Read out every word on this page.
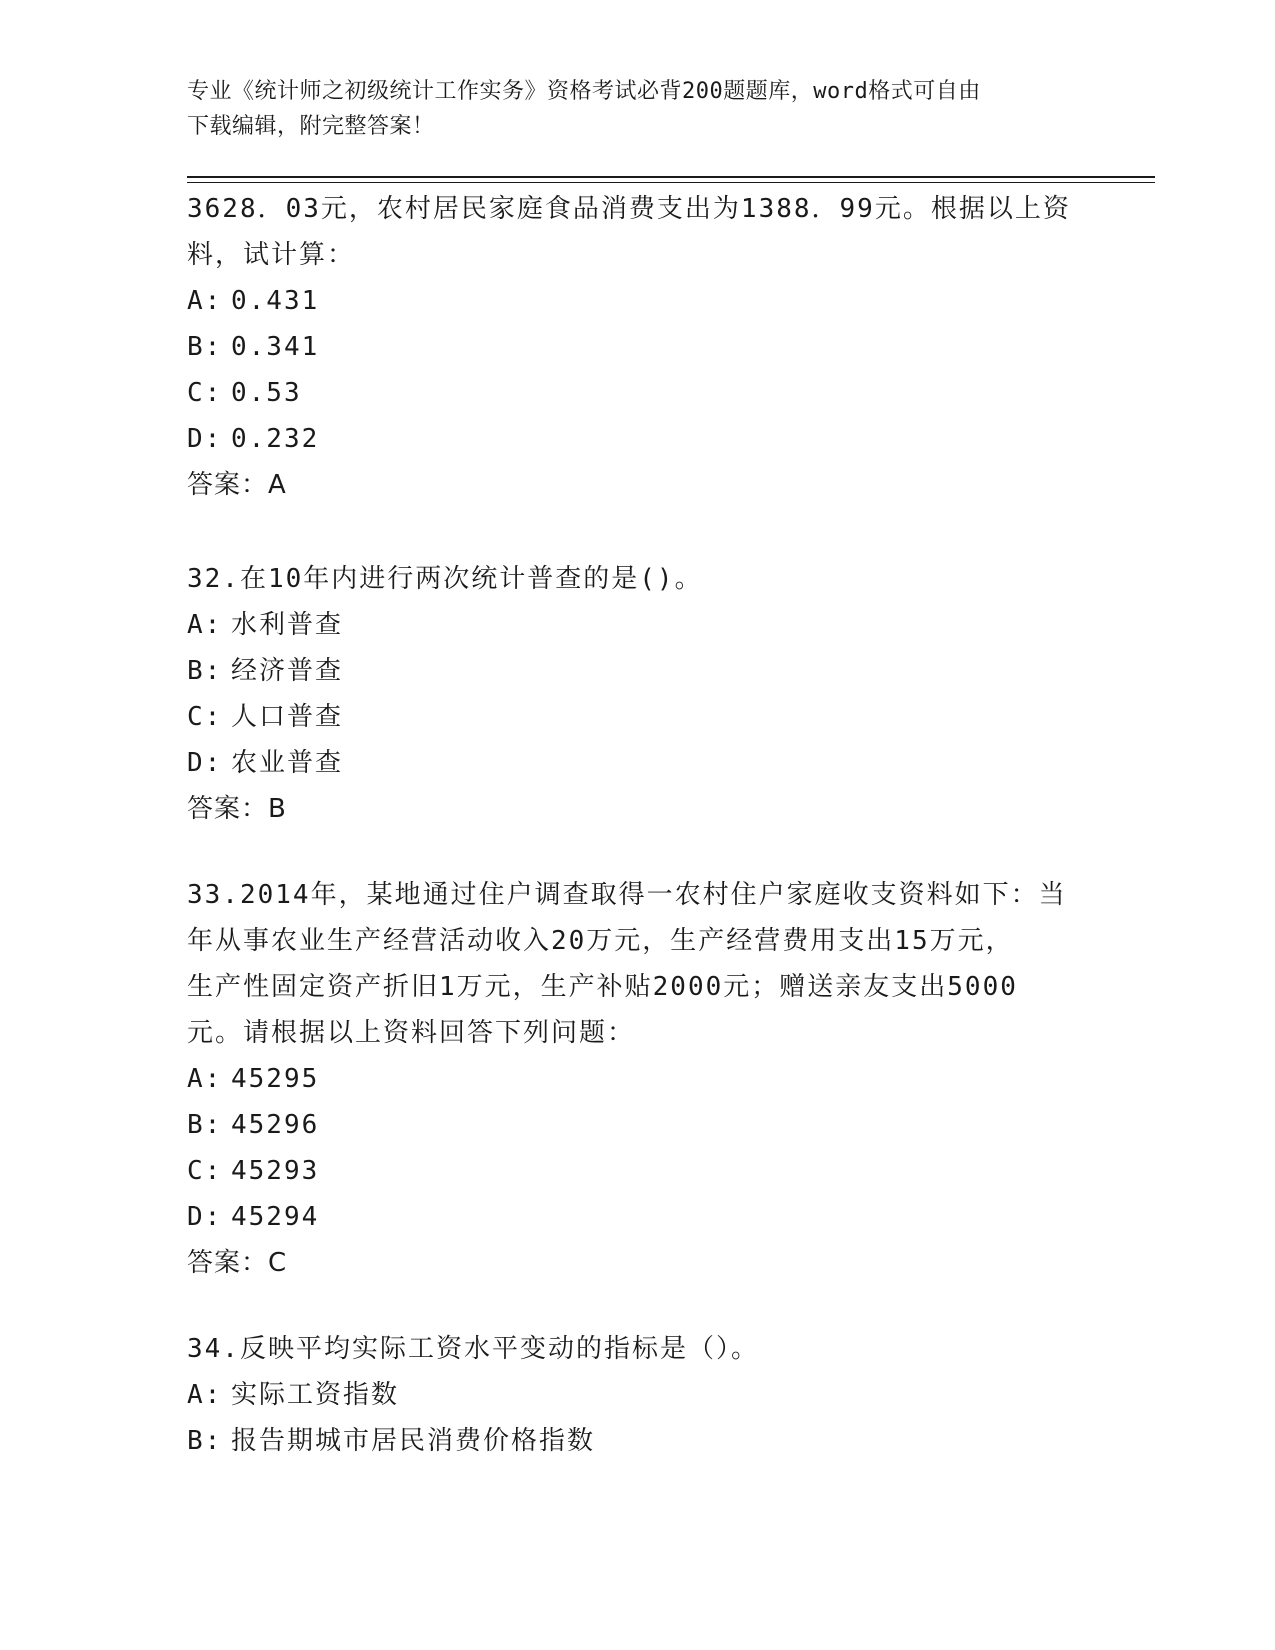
专业《统计师之初级统计工作实务》资格考试必背200题题库，word格式可自由
下载编辑，附完整答案！
3628．03元，农村居民家庭食品消费支出为1388．99元。根据以上资
料，试计算：
A: 0.431
B: 0.341
C: 0.53
D: 0.232
答案：A
32.在10年内进行两次统计普查的是()。
A: 水利普查
B: 经济普查
C: 人口普查
D: 农业普查
答案：B
33.2014年，某地通过住户调查取得一农村住户家庭收支资料如下：当
年从事农业生产经营活动收入20万元，生产经营费用支出15万元，
生产性固定资产折旧1万元，生产补贴2000元；赠送亲友支出5000
元。请根据以上资料回答下列问题：
A: 45295
B: 45296
C: 45293
D: 45294
答案：C
34.反映平均实际工资水平变动的指标是（）。
A: 实际工资指数
B: 报告期城市居民消费价格指数
